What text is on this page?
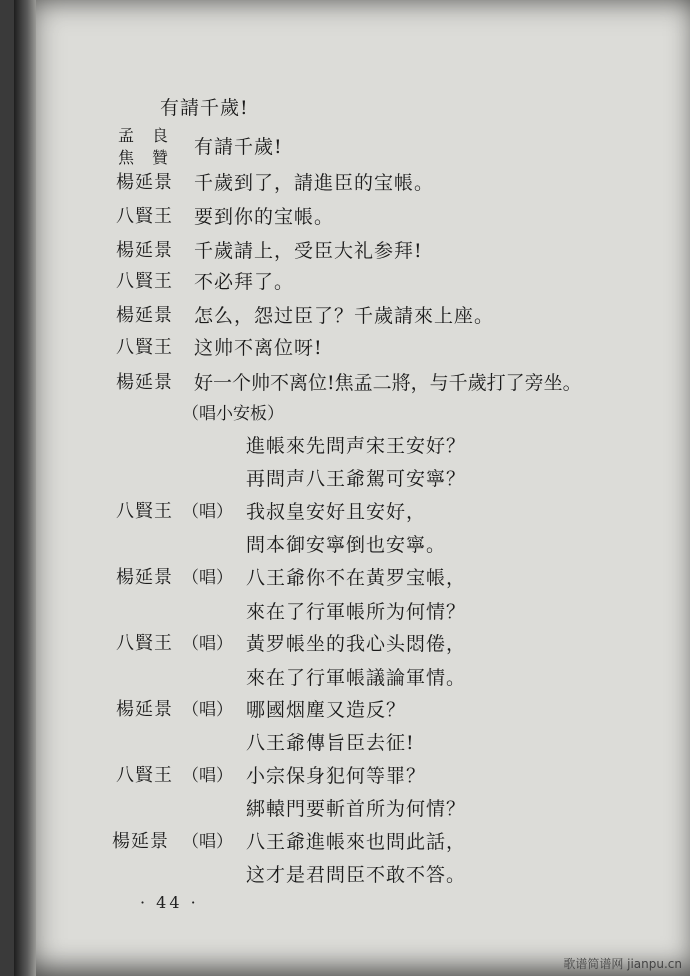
有請千歲!
孟　良
焦　贊 有請千歲!
楊延景 千歲到了，請進臣的宝帳。
八賢王 要到你的宝帳。
楊延景 千歲請上，受臣大礼参拜!
八賢王 不必拜了。
楊延景 怎么，怨过臣了？千歲請來上座。
八賢王 这帅不离位呀!
楊延景 好一个帅不离位!焦孟二將，与千歲打了旁坐。
（唱小安板）
進帳來先問声宋王安好？
再問声八王爺駕可安寧？
八賢王 （唱） 我叔皇安好且安好，
問本御安寧倒也安寧。
楊延景 （唱） 八王爺你不在黃罗宝帳，
來在了行軍帳所为何情？
八賢王 （唱） 黃罗帳坐的我心头悶倦，
來在了行軍帳議論軍情。
楊延景 （唱） 哪國烟塵又造反？
八王爺傳旨臣去征!
八賢王 （唱） 小宗保身犯何等罪？
綁轅門要斬首所为何情？
楊延景 （唱） 八王爺進帳來也問此話，
这才是君問臣不敢不答。
· 44 ·
歌谱简谱网 jianpu.cn
